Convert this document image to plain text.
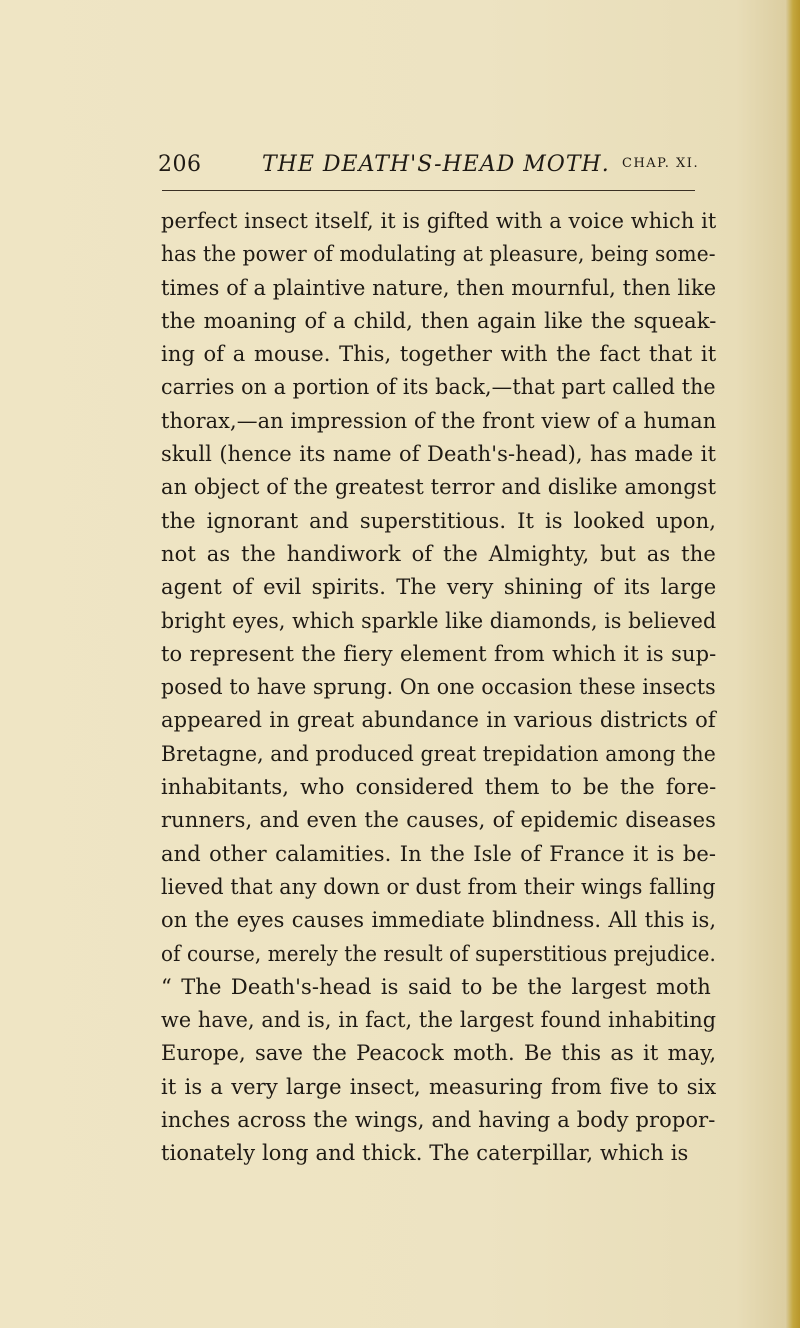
206	THE DEATH'S-HEAD MOTH. CHAP. XI.
perfect insect itself, it is gifted with a voice which it
has the power of modulating at pleasure, being some-
times of a plaintive nature, then mournful, then like
the moaning of a child, then again like the squeak-
ing of a mouse. This, together with the fact that it
carries on a portion of its back,—that part called the
thorax,—an impression of the front view of a human
skull (hence its name of Death's-head), has made it
an object of the greatest terror and dislike amongst
the ignorant and superstitious. It is looked upon,
not as the handiwork of the Almighty, but as the
agent of evil spirits. The very shining of its large
bright eyes, which sparkle like diamonds, is believed
to represent the fiery element from which it is sup-
posed to have sprung. On one occasion these insects
appeared in great abundance in various districts of
Bretagne, and produced great trepidation among the
inhabitants, who considered them to be the fore-
runners, and even the causes, of epidemic diseases
and other calamities. In the Isle of France it is be-
lieved that any down or dust from their wings falling
on the eyes causes immediate blindness. All this is,
of course, merely the result of superstitious prejudice.
“ The Death's-head is said to be the largest moth
we have, and is, in fact, the largest found inhabiting
Europe, save the Peacock moth. Be this as it may,
it is a very large insect, measuring from five to six
inches across the wings, and having a body propor-
tionately long and thick. The caterpillar, which is
